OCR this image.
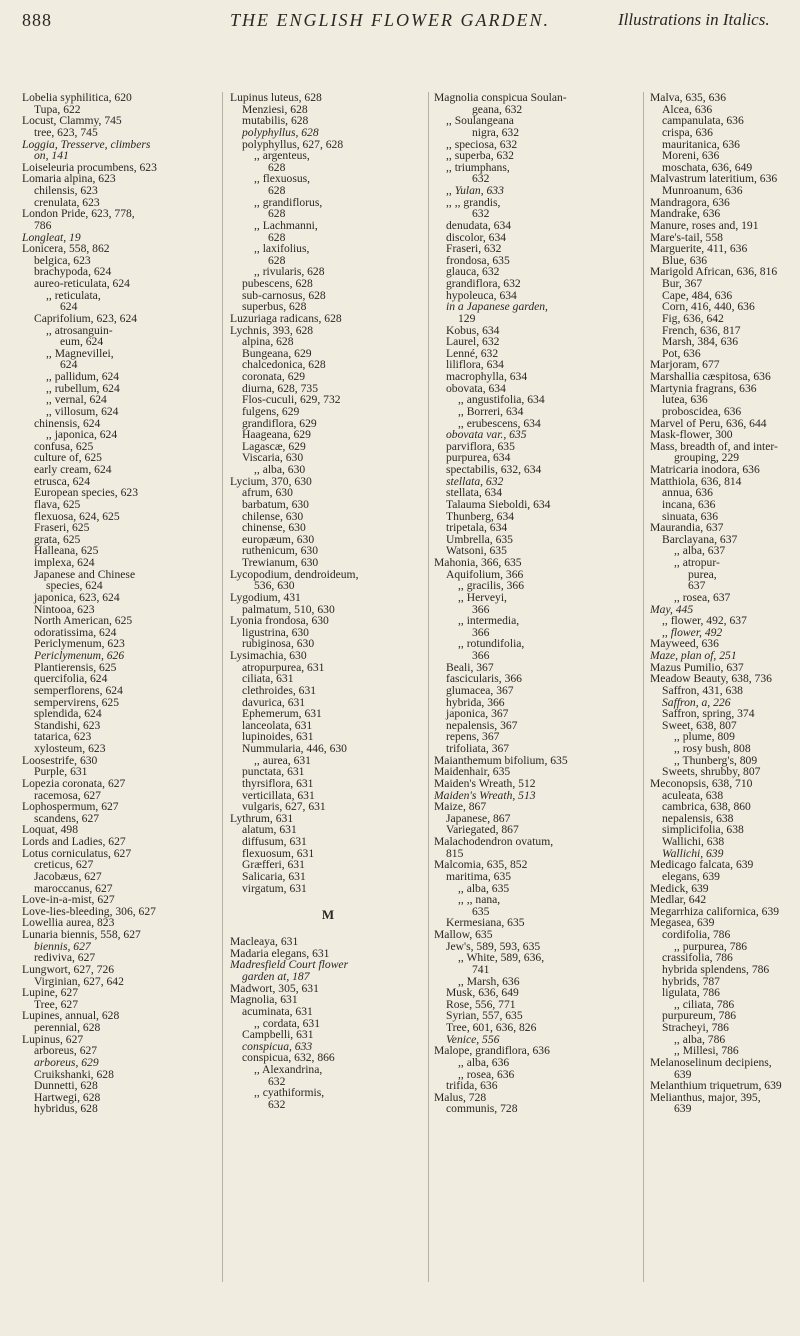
888	THE ENGLISH FLOWER GARDEN.	Illustrations in Italics.
Lobelia syphilitica, 620
Tupa, 622
Locust, Clammy, 745
tree, 623, 745
Loggia, Tresserve, climbers
on, 141
Loiseleuria procumbens, 623
Lomaria alpina, 623
chilensis, 623
crenulata, 623
London Pride, 623, 778,
786
Longleat, 19
Lonicera, 558, 862
belgica, 623
brachypoda, 624
aureo-reticulata, 624
,, reticulata,
624
Caprifolium, 623, 624
,, atrosanguin-
eum, 624
,, Magnevillei,
624
,, pallidum, 624
,, rubellum, 624
,, vernal, 624
,, villosum, 624
chinensis, 624
,, japonica, 624
confusa, 625
culture of, 625
early cream, 624
etrusca, 624
European species, 623
flava, 625
flexuosa, 624, 625
Fraseri, 625
grata, 625
Halleana, 625
implexa, 624
Japanese and Chinese
species, 624
japonica, 623, 624
Nintooa, 623
North American, 625
odoratissima, 624
Periclymenum, 623
Periclymenum, 626
Plantierensis, 625
quercifolia, 624
semperflorens, 624
sempervirens, 625
splendida, 624
Standishi, 623
tatarica, 623
xylosteum, 623
Loosestrife, 630
Purple, 631
Lopezia coronata, 627
racemosa, 627
Lophospermum, 627
scandens, 627
Loquat, 498
Lords and Ladies, 627
Lotus corniculatus, 627
creticus, 627
Jacobæus, 627
maroccanus, 627
Love-in-a-mist, 627
Love-lies-bleeding, 306, 627
Lowellia aurea, 823
Lunaria biennis, 558, 627
biennis, 627
rediviva, 627
Lungwort, 627, 726
Virginian, 627, 642
Lupine, 627
Tree, 627
Lupines, annual, 628
perennial, 628
Lupinus, 627
arboreus, 627
arboreus, 629
Cruikshanki, 628
Dunnetti, 628
Hartwegi, 628
hybridus, 628
Lupinus luteus, 628
Menziesi, 628
mutabilis, 628
polyphyllus, 628
polyphyllus, 627, 628
,, argenteus,
628
,, flexuosus,
628
,, grandiflorus,
628
,, Lachmanni,
628
,, laxifolius,
628
,, rivularis, 628
pubescens, 628
sub-carnosus, 628
superbus, 628
Luzuriaga radicans, 628
Lychnis, 393, 628
alpina, 628
Bungeana, 629
chalcedonica, 628
coronata, 629
diurna, 628, 735
Flos-cuculi, 629, 732
fulgens, 629
grandiflora, 629
Haageana, 629
Lagascæ, 629
Viscaria, 630
,, alba, 630
Lycium, 370, 630
afrum, 630
barbatum, 630
chilense, 630
chinense, 630
europæum, 630
ruthenicum, 630
Trewianum, 630
Lycopodium, dendroideum,
536, 630
Lygodium, 431
palmatum, 510, 630
Lyonia frondosa, 630
ligustrina, 630
rubiginosa, 630
Lysimachia, 630
atropurpurea, 631
ciliata, 631
clethroides, 631
davurica, 631
Ephemerum, 631
lanceolata, 631
lupinoides, 631
Nummularia, 446, 630
,, aurea, 631
punctata, 631
thyrsiflora, 631
verticillata, 631
vulgaris, 627, 631
Lythrum, 631
alatum, 631
diffusum, 631
flexuosum, 631
Græfferi, 631
Salicaria, 631
virgatum, 631
M
Macleaya, 631
Madaria elegans, 631
Madresfield Court flower
garden at, 187
Madwort, 305, 631
Magnolia, 631
acuminata, 631
,, cordata, 631
Campbelli, 631
conspicua, 633
conspicua, 632, 866
,, Alexandrina,
632
,, cyathiformis,
632
Magnolia conspicua Soulan-
geana, 632
,, Soulangeana
nigra, 632
,, speciosa, 632
,, superba, 632
,, triumphans,
632
,, Yulan, 633
,, ,, grandis,
632
denudata, 634
discolor, 634
Fraseri, 632
frondosa, 635
glauca, 632
grandiflora, 632
hypoleuca, 634
in a Japanese garden,
129
Kobus, 634
Laurel, 632
Lenné, 632
liliflora, 634
macrophylla, 634
obovata, 634
,, angustifolia, 634
,, Borreri, 634
,, erubescens, 634
obovata var., 635
parviflora, 635
purpurea, 634
spectabilis, 632, 634
stellata, 632
stellata, 634
Talauma Sieboldi, 634
Thunberg, 634
tripetala, 634
Umbrella, 635
Watsoni, 635
Mahonia, 366, 635
Aquifolium, 366
,, gracilis, 366
,, Herveyi,
366
,, intermedia,
366
,, rotundifolia,
366
Beali, 367
fascicularis, 366
glumacea, 367
hybrida, 366
japonica, 367
nepalensis, 367
repens, 367
trifoliata, 367
Maianthemum bifolium, 635
Maidenhair, 635
Maiden's Wreath, 512
Maiden's Wreath, 513
Maize, 867
Japanese, 867
Variegated, 867
Malachodendron ovatum,
815
Malcomia, 635, 852
maritima, 635
,, alba, 635
,, ,, nana,
635
Kermesiana, 635
Mallow, 635
Jew's, 589, 593, 635
,, White, 589, 636,
741
,, Marsh, 636
Musk, 636, 649
Rose, 556, 771
Syrian, 557, 635
Tree, 601, 636, 826
Venice, 556
Malope, grandiflora, 636
,, alba, 636
,, rosea, 636
trifida, 636
Malus, 728
communis, 728
Malva, 635, 636
Alcea, 636
campanulata, 636
crispa, 636
mauritanica, 636
Moreni, 636
moschata, 636, 649
Malvastrum lateritium, 636
Munroanum, 636
Mandragora, 636
Mandrake, 636
Manure, roses and, 191
Mare's-tail, 558
Marguerite, 411, 636
Blue, 636
Marigold African, 636, 816
Bur, 367
Cape, 484, 636
Corn, 416, 440, 636
Fig, 636, 642
French, 636, 817
Marsh, 384, 636
Pot, 636
Marjoram, 677
Marshallia cæspitosa, 636
Martynia fragrans, 636
lutea, 636
proboscidea, 636
Marvel of Peru, 636, 644
Mask-flower, 300
Mass, breadth of, and inter-
grouping, 229
Matricaria inodora, 636
Matthiola, 636, 814
annua, 636
incana, 636
sinuata, 636
Maurandia, 637
Barclayana, 637
,, alba, 637
,, atropur-
purea,
637
,, rosea, 637
May, 445
,, flower, 492, 637
,, flower, 492
Mayweed, 636
Maze, plan of, 251
Mazus Pumilio, 637
Meadow Beauty, 638, 736
Saffron, 431, 638
Saffron, a, 226
Saffron, spring, 374
Sweet, 638, 807
,, plume, 809
,, rosy bush, 808
,, Thunberg's, 809
Sweets, shrubby, 807
Meconopsis, 638, 710
aculeata, 638
cambrica, 638, 860
nepalensis, 638
simplicifolia, 638
Wallichi, 638
Wallichi, 639
Medicago falcata, 639
elegans, 639
Medick, 639
Medlar, 642
Megarrhiza californica, 639
Megasea, 639
cordifolia, 786
,, purpurea, 786
crassifolia, 786
hybrida splendens, 786
hybrids, 787
ligulata, 786
,, ciliata, 786
purpureum, 786
Stracheyi, 786
,, alba, 786
,, Millesi, 786
Melanoselinum decipiens,
639
Melanthium triquetrum, 639
Melianthus, major, 395,
639
